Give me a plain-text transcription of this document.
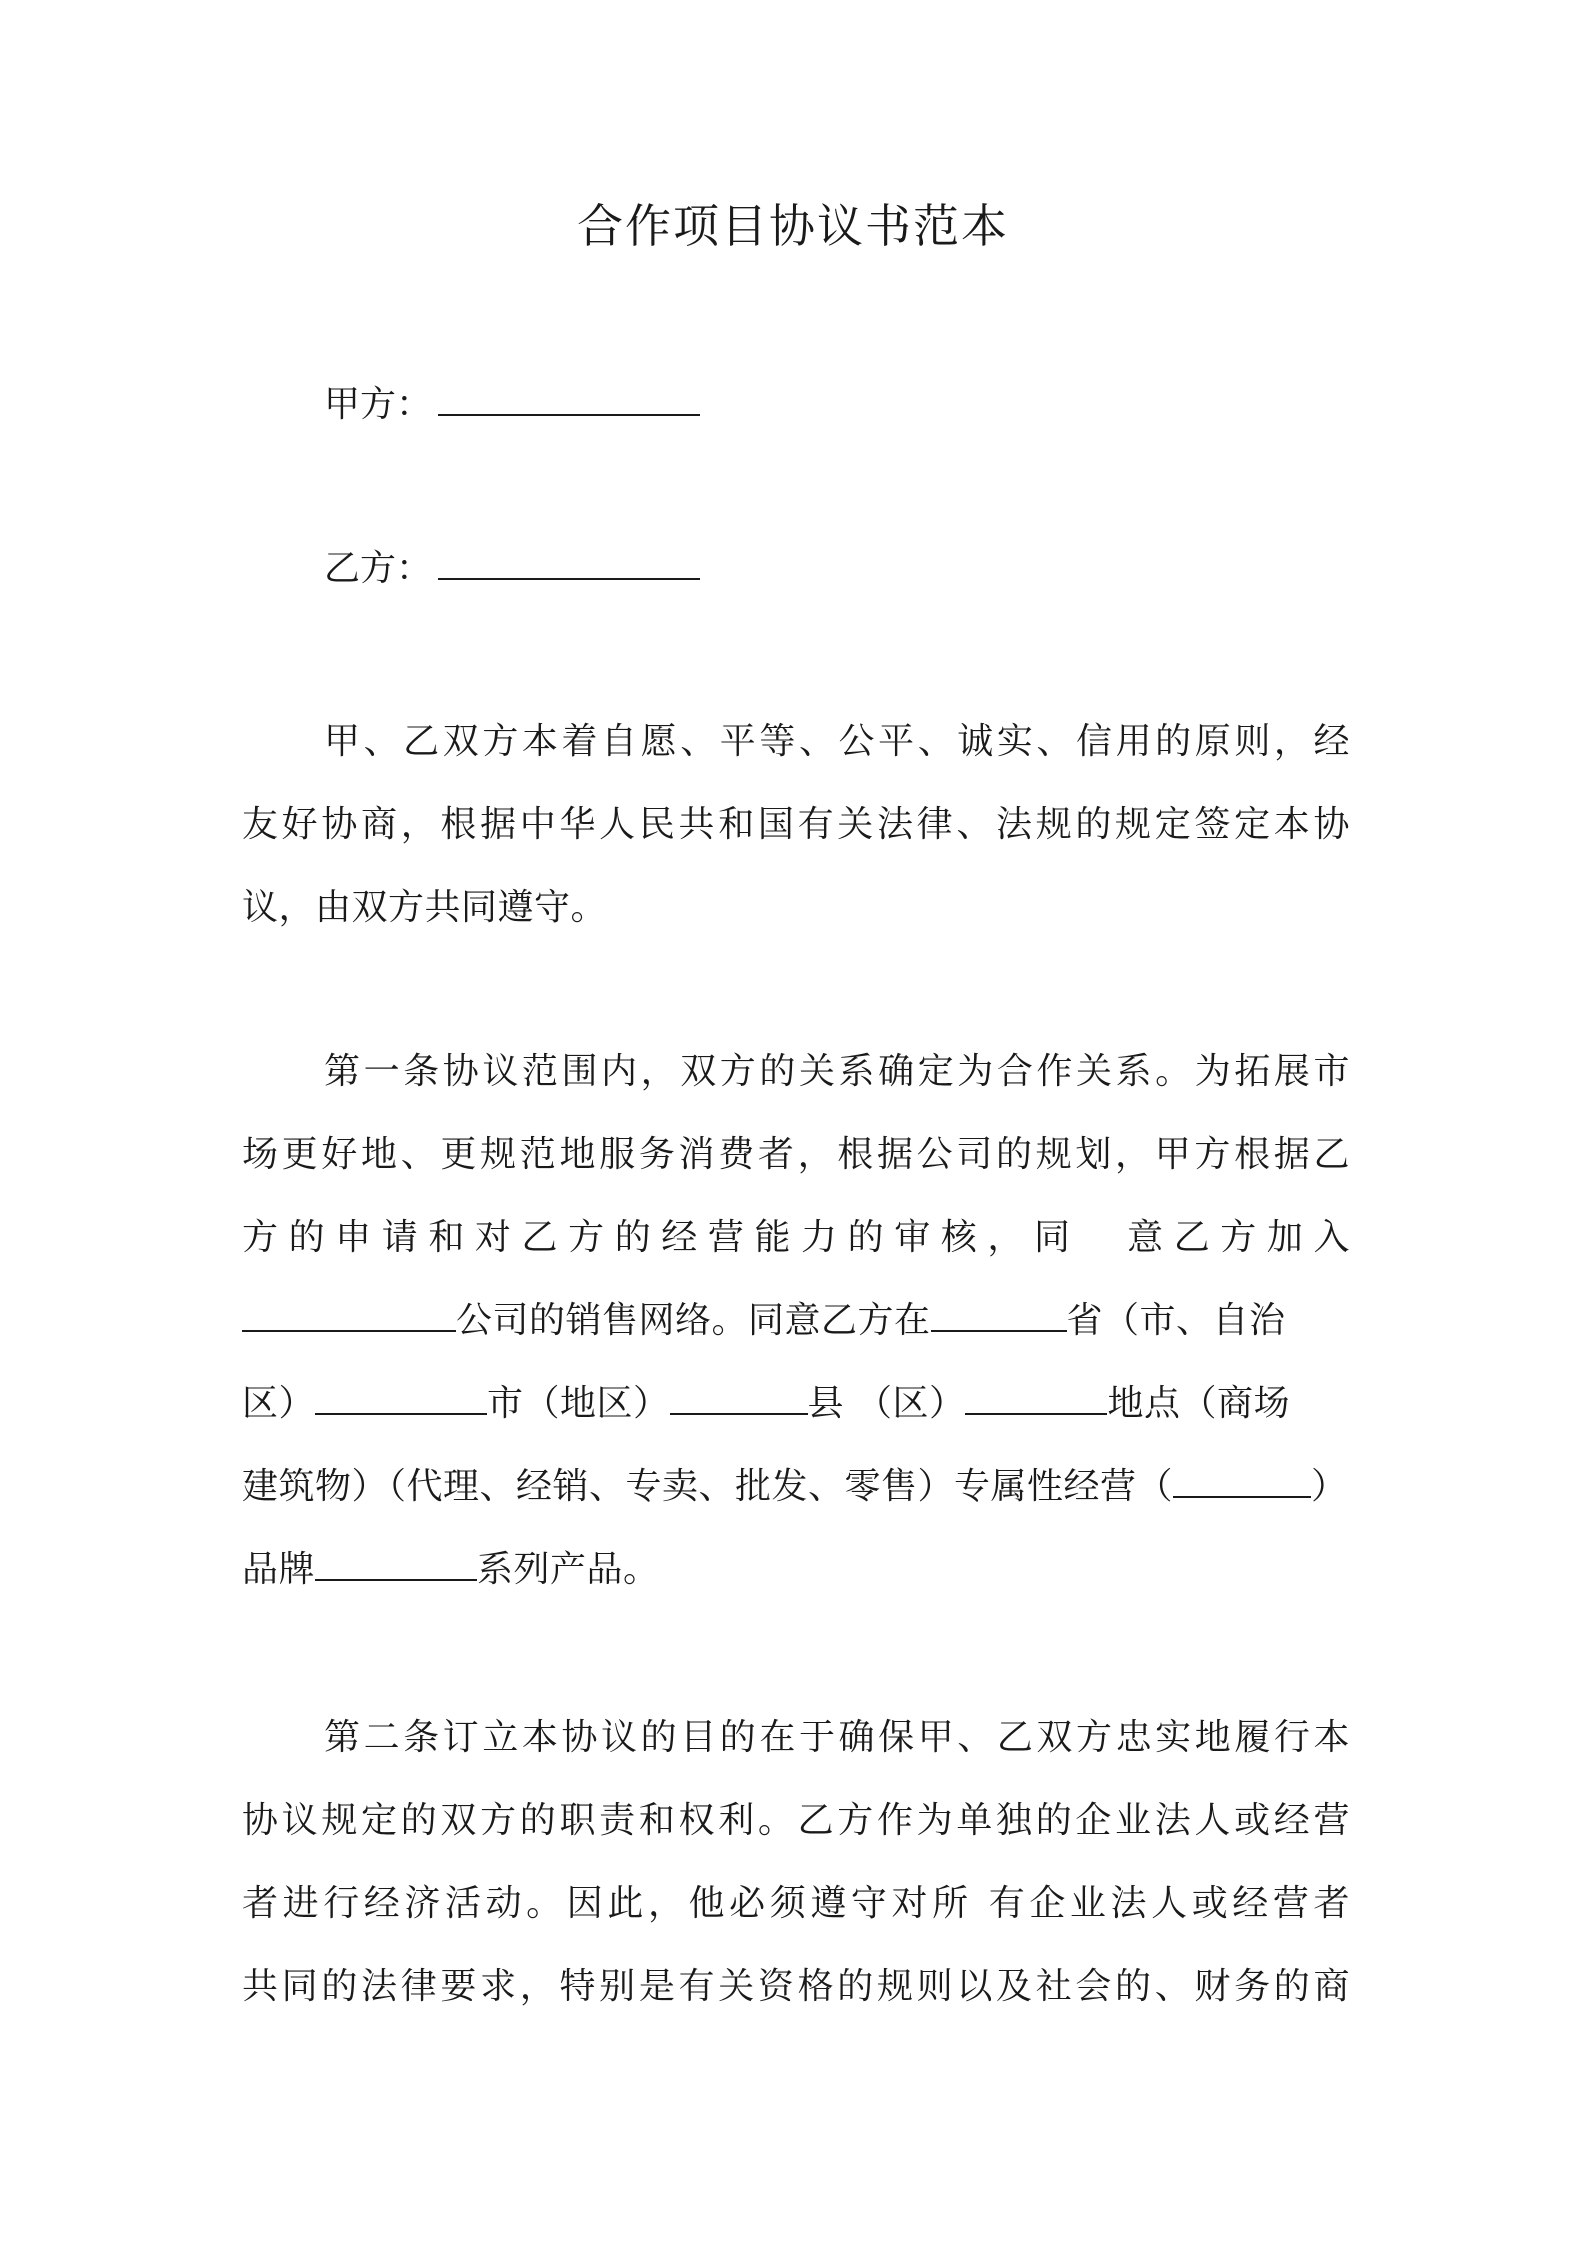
合作项目协议书范本
甲方：
乙方：
甲、乙双方本着自愿、平等、公平、诚实、信用的原则，经
友好协商，根据中华人民共和国有关法律、法规的规定签定本协
议，由双方共同遵守。
第一条协议范围内，双方的关系确定为合作关系。为拓展市
场更好地、更规范地服务消费者，根据公司的规划，甲方根据乙
方的申请和对乙方的经营能力的审核，同　意乙方加入
公司的销售网络。同意乙方在	省（市、自治
区）	市（地区）	县 （区）	地点（商场
建筑物）（代理、经销、专卖、批发、零售）专属性经营（	）
品牌	系列产品。
第二条订立本协议的目的在于确保甲、乙双方忠实地履行本
协议规定的双方的职责和权利。乙方作为单独的企业法人或经营
者进行经济活动。因此，他必须遵守对所 有企业法人或经营者
共同的法律要求，特别是有关资格的规则以及社会的、财务的商
